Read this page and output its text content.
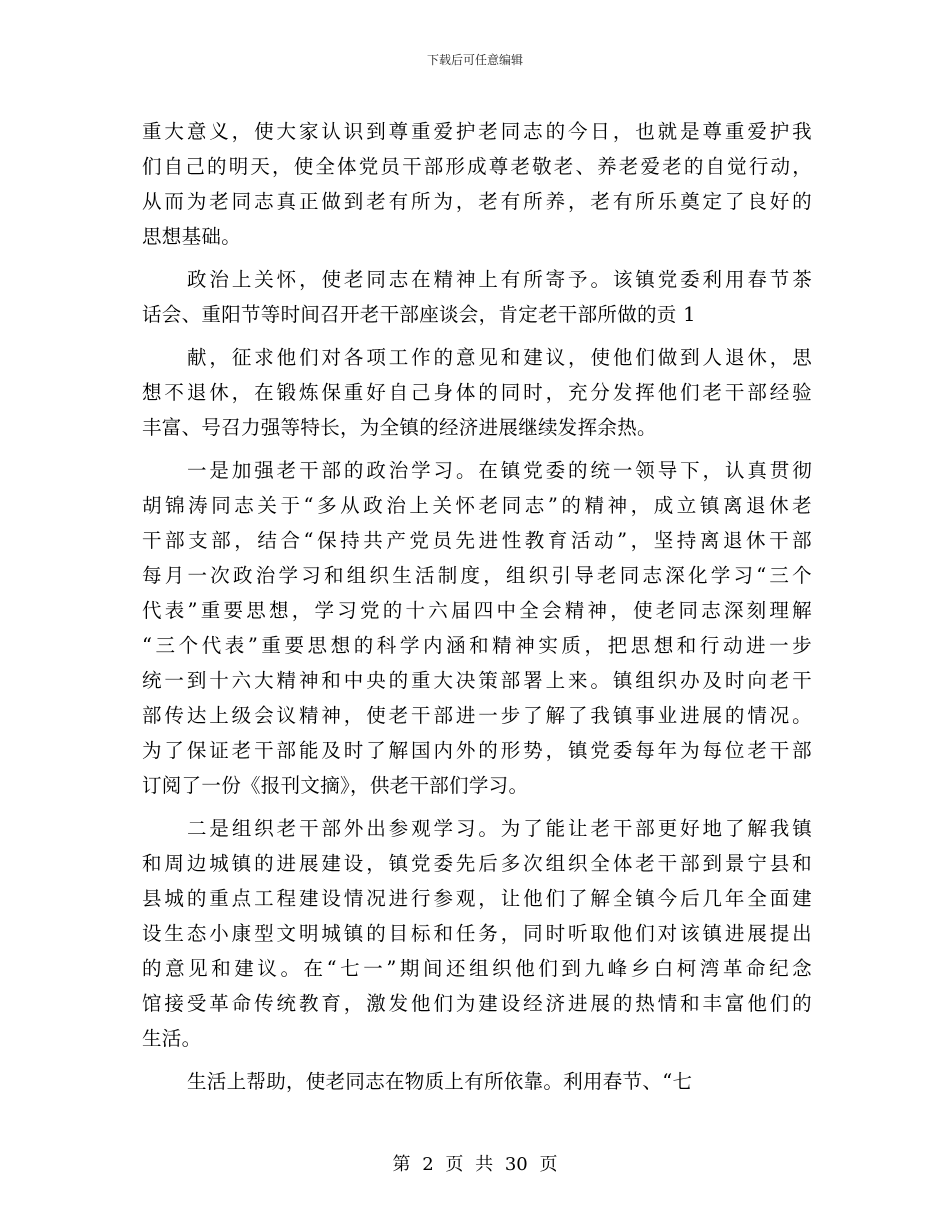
下载后可任意编辑
重大意义，使大家认识到尊重爱护老同志的今日，也就是尊重爱护我
们自己的明天，使全体党员干部形成尊老敬老、养老爱老的自觉行动，
从而为老同志真正做到老有所为，老有所养，老有所乐奠定了良好的
思想基础。
政治上关怀，使老同志在精神上有所寄予。该镇党委利用春节茶
话会、重阳节等时间召开老干部座谈会，肯定老干部所做的贡 1
献，征求他们对各项工作的意见和建议，使他们做到人退休，思
想不退休，在锻炼保重好自己身体的同时，充分发挥他们老干部经验
丰富、号召力强等特长，为全镇的经济进展继续发挥余热。
一是加强老干部的政治学习。在镇党委的统一领导下，认真贯彻
胡锦涛同志关于“多从政治上关怀老同志”的精神，成立镇离退休老
干部支部，结合“保持共产党员先进性教育活动”，坚持离退休干部
每月一次政治学习和组织生活制度，组织引导老同志深化学习“三个
代表”重要思想，学习党的十六届四中全会精神，使老同志深刻理解
“三个代表”重要思想的科学内涵和精神实质，把思想和行动进一步
统一到十六大精神和中央的重大决策部署上来。镇组织办及时向老干
部传达上级会议精神，使老干部进一步了解了我镇事业进展的情况。
为了保证老干部能及时了解国内外的形势，镇党委每年为每位老干部
订阅了一份《报刊文摘》，供老干部们学习。
二是组织老干部外出参观学习。为了能让老干部更好地了解我镇
和周边城镇的进展建设，镇党委先后多次组织全体老干部到景宁县和
县城的重点工程建设情况进行参观，让他们了解全镇今后几年全面建
设生态小康型文明城镇的目标和任务，同时听取他们对该镇进展提出
的意见和建议。在“七一”期间还组织他们到九峰乡白柯湾革命纪念
馆接受革命传统教育，激发他们为建设经济进展的热情和丰富他们的
生活。
生活上帮助，使老同志在物质上有所依靠。利用春节、“七
第 2 页 共 30 页
